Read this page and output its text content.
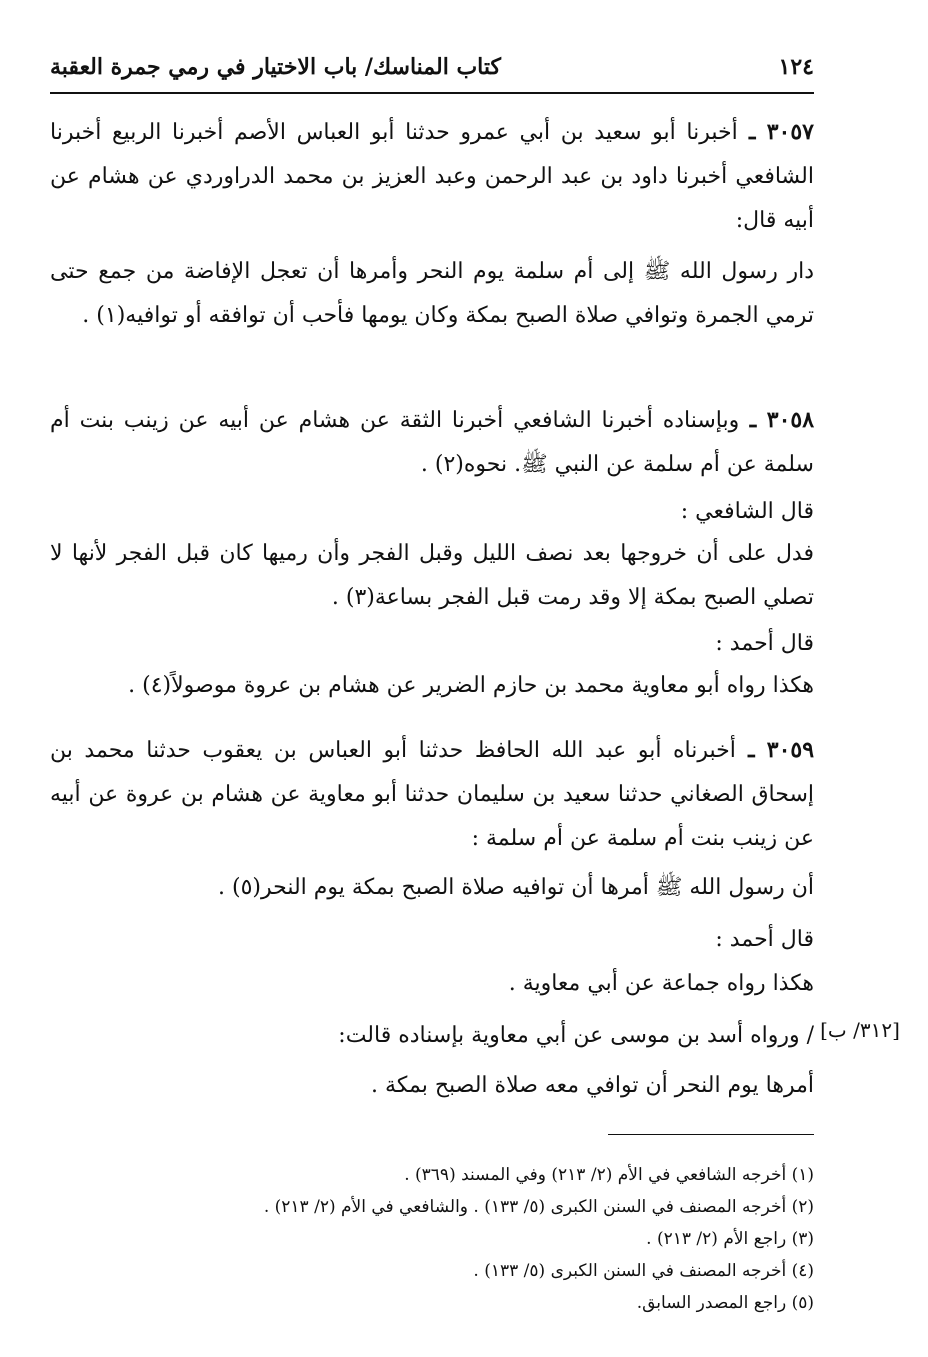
كتاب المناسك/ باب الاختيار في رمي جمرة العقبة	١٢٤
٣٠٥٧ ـ أخبرنا أبو سعيد بن أبي عمرو حدثنا أبو العباس الأصم أخبرنا الربيع أخبرنا الشافعي أخبرنا داود بن عبد الرحمن وعبد العزيز بن محمد الدراوردي عن هشام عن أبيه قال:
دار رسول الله ﷺ إلى أم سلمة يوم النحر وأمرها أن تعجل الإفاضة من جمع حتى ترمي الجمرة وتوافي صلاة الصبح بمكة وكان يومها فأحب أن توافقه أو توافيه(١) .
٣٠٥٨ ـ وبإسناده أخبرنا الشافعي أخبرنا الثقة عن هشام عن أبيه عن زينب بنت أم سلمة عن أم سلمة عن النبي ﷺ. نحوه(٢) .
قال الشافعي :
فدل على أن خروجها بعد نصف الليل وقبل الفجر وأن رميها كان قبل الفجر لأنها لا تصلي الصبح بمكة إلا وقد رمت قبل الفجر بساعة(٣) .
قال أحمد :
هكذا رواه أبو معاوية محمد بن حازم الضرير عن هشام بن عروة موصولاً(٤) .
٣٠٥٩ ـ أخبرناه أبو عبد الله الحافظ حدثنا أبو العباس بن يعقوب حدثنا محمد بن إسحاق الصغاني حدثنا سعيد بن سليمان حدثنا أبو معاوية عن هشام بن عروة عن أبيه عن زينب بنت أم سلمة عن أم سلمة :
أن رسول الله ﷺ أمرها أن توافيه صلاة الصبح بمكة يوم النحر(٥) .
قال أحمد :
هكذا رواه جماعة عن أبي معاوية .
/ ورواه أسد بن موسى عن أبي معاوية بإسناده قالت:
أمرها يوم النحر أن توافي معه صلاة الصبح بمكة .
[٣١٢/ ب]
(١) أخرجه الشافعي في الأم (٢/ ٢١٣) وفي المسند (٣٦٩) .
(٢) أخرجه المصنف في السنن الكبرى (٥/ ١٣٣) . والشافعي في الأم (٢/ ٢١٣) .
(٣) راجع الأم (٢/ ٢١٣) .
(٤) أخرجه المصنف في السنن الكبرى (٥/ ١٣٣) .
(٥) راجع المصدر السابق.
